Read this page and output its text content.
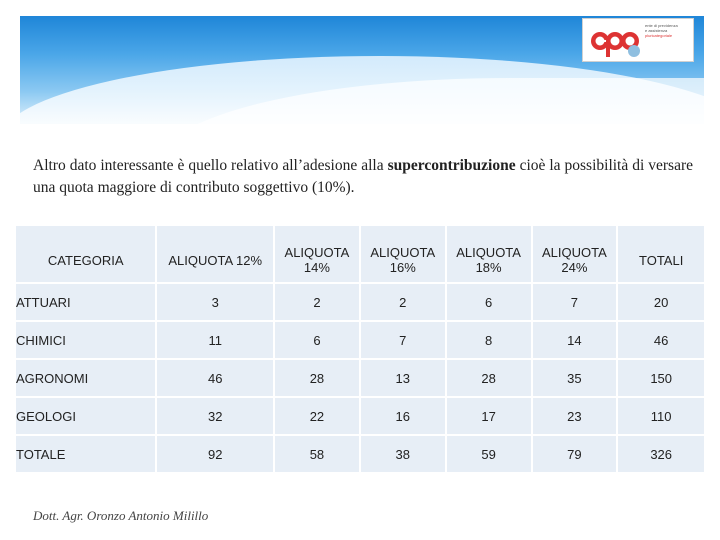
ente di previdenza
e assistenza
pluricategoriale

Altro dato interessante è quello relativo all’adesione alla supercontribuzione cioè la possibilità di versare una quota maggiore di contributo soggettivo (10%).

CATEGORIA	ALIQUOTA 12%	ALIQUOTA 14%	ALIQUOTA 16%	ALIQUOTA 18%	ALIQUOTA 24%	TOTALI
ATTUARI	3	2	2	6	7	20
CHIMICI	11	6	7	8	14	46
AGRONOMI	46	28	13	28	35	150
GEOLOGI	32	22	16	17	23	110
TOTALE	92	58	38	59	79	326
Dott. Agr. Oronzo Antonio Milillo
